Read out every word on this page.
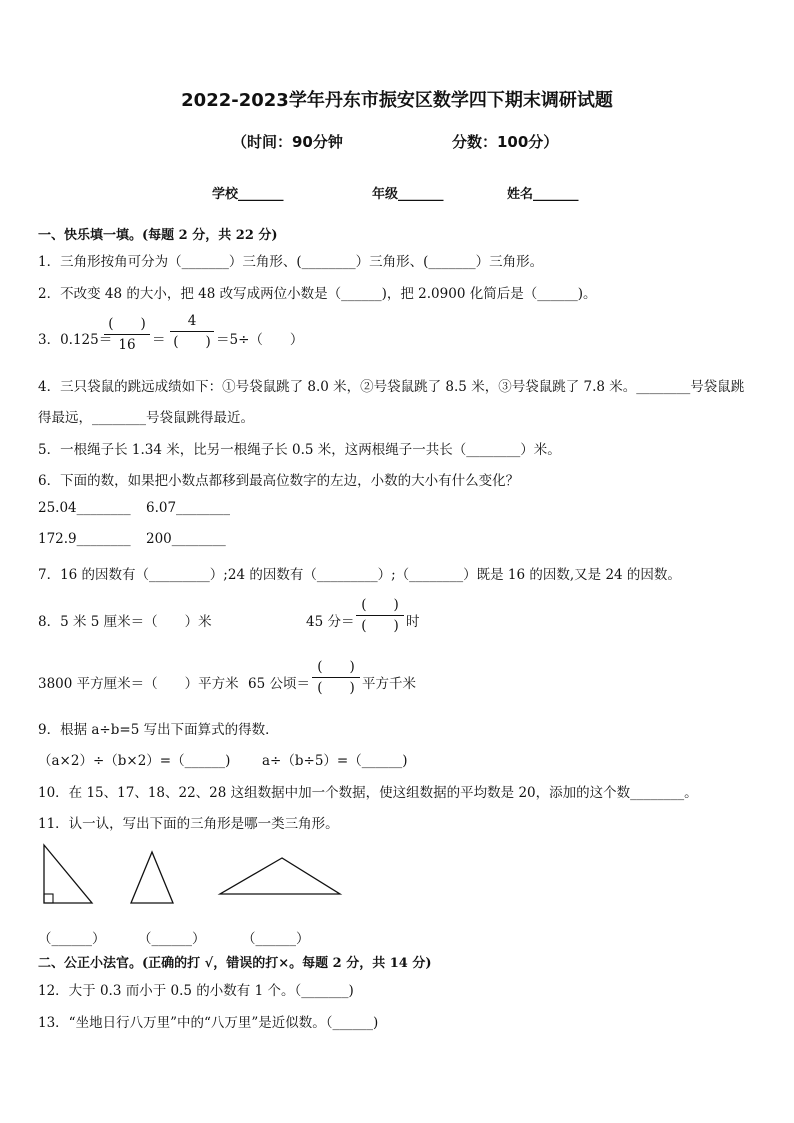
2022-2023学年丹东市振安区数学四下期末调研试题
（时间：90分钟	分数：100分）
学校_______	年级_______	姓名_______
一、快乐填一填。(每题 2 分，共 22 分)
1．三角形按角可分为（_______）三角形、(________）三角形、(_______）三角形。
2．不改变 48 的大小，把 48 改写成两位小数是（______)，把 2.0900 化简后是（______)。
3．0.125＝
(　　)
16	＝
4
(　　) ＝5÷（　　）
4．三只袋鼠的跳远成绩如下：①号袋鼠跳了 8.0 米，②号袋鼠跳了 8.5 米，③号袋鼠跳了 7.8 米。________号袋鼠跳
得最远，________号袋鼠跳得最近。
5．一根绳子长 1.34 米，比另一根绳子长 0.5 米，这两根绳子一共长（________）米。
6．下面的数，如果把小数点都移到最高位数字的左边，小数的大小有什么变化？
25.04________ 6.07________
172.9________ 200________
7．16 的因数有（_________）;24 的因数有（_________）;（________）既是 16 的因数,又是 24 的因数。
8．5 米 5 厘米＝（　　）米	45 分＝
(　　)
(　　) 时
3800 平方厘米＝（　　）平方米 65 公顷＝
(　　)
(　　) 平方千米
9．根据 a÷b=5 写出下面算式的得数．
（a×2）÷（b×2）=（______) a÷（b÷5）=（______)
10．在 15、17、18、22、28 这组数据中加一个数据，使这组数据的平均数是 20，添加的这个数________。
11．认一认，写出下面的三角形是哪一类三角形。
（______） （______）	（______）
二、公正小法官。(正确的打 √，错误的打×。每题 2 分，共 14 分)
12．大于 0.3 而小于 0.5 的小数有 1 个。（_______)
13．“坐地日行八万里”中的“八万里”是近似数。（______)
